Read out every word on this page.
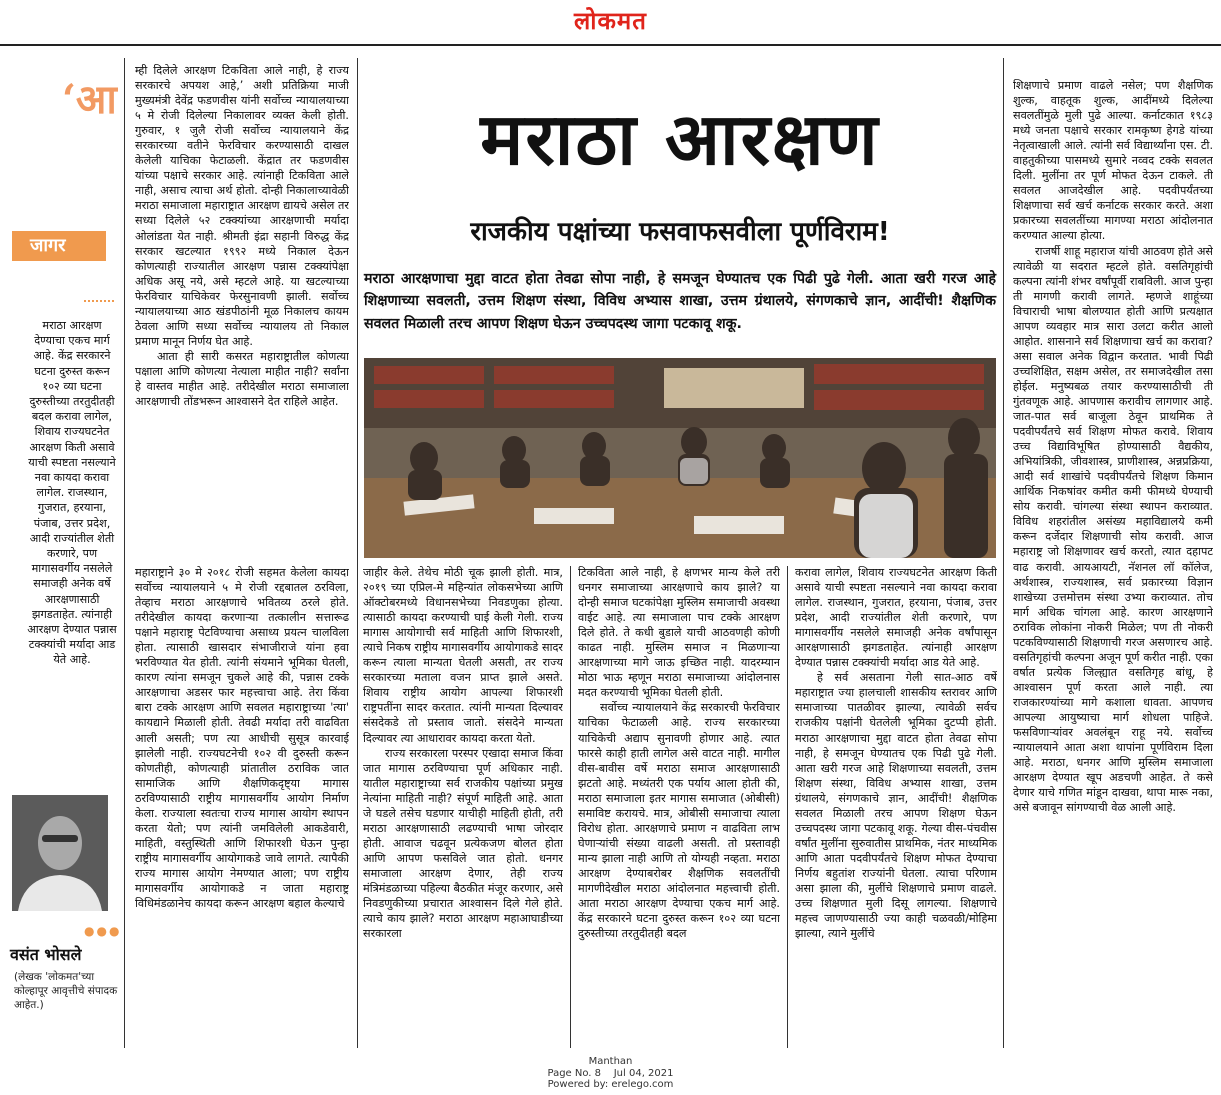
लोकमत
‘आ
जागर

मराठा आरक्षण देण्याचा एकच मार्ग आहे. केंद्र सरकारने घटना दुरुस्त करून १०२ व्या घटना दुरुस्तीच्या तरतुदीतही बदल करावा लागेल, शिवाय राज्यघटनेत आरक्षण किती असावे याची स्पष्टता नसल्याने नवा कायदा करावा लागेल. राजस्थान, गुजरात, हरयाना, पंजाब, उत्तर प्रदेश, आदी राज्यांतील शेती करणारे, पण मागासवर्गीय नसलेले समाजही अनेक वर्षे आरक्षणासाठी झगडताहेत. त्यांनाही आरक्षण देण्यात पन्नास टक्क्यांची मर्यादा आड येते आहे.

●●●
वसंत भोसले
(लेखक 'लोकमत'च्या कोल्हापूर आवृत्तीचे संपादक आहेत.)

म्ही दिलेले आरक्षण टिकविता आले नाही, हे राज्य सरकारचे अपयश आहे,’ अशी प्रतिक्रिया माजी मुख्यमंत्री देवेंद्र फडणवीस यांनी सर्वोच्च न्यायालयाच्या ५ मे रोजी दिलेल्या निकालावर व्यक्त केली होती. गुरुवार, १ जुलै रोजी सर्वोच्च न्यायालयाने केंद्र सरकारच्या वतीने फेरविचार करण्यासाठी दाखल केलेली याचिका फेटाळली. केंद्रात तर फडणवीस यांच्या पक्षाचे सरकार आहे. त्यांनाही टिकविता आले नाही, असाच त्याचा अर्थ होतो. दोन्ही निकालाच्यावेळी मराठा समाजाला महाराष्ट्रात आरक्षण द्यायचे असेल तर सध्या दिलेले ५२ टक्क्यांच्या आरक्षणाची मर्यादा ओलांडता येत नाही. श्रीमती इंद्रा सहानी विरुद्ध केंद्र सरकार खटल्यात १९९२ मध्ये निकाल देऊन कोणत्याही राज्यातील आरक्षण पन्नास टक्क्यांपेक्षा अधिक असू नये, असे म्हटले आहे. या खटल्याच्या फेरविचार याचिकेवर फेरसुनावणी झाली. सर्वोच्च न्यायालयाच्या आठ खंडपीठांनी मूळ निकालच कायम ठेवला आणि सध्या सर्वोच्च न्यायालय तो निकाल प्रमाण मानून निर्णय घेत आहे.

आता ही सारी कसरत महाराष्ट्रातील कोणत्या पक्षाला आणि कोणत्या नेत्याला माहीत नाही? सर्वांना हे वास्तव माहीत आहे. तरीदेखील मराठा समाजाला आरक्षणाची तोंडभरून आश्वासने देत राहिले आहेत.

महाराष्ट्राने ३० मे २०१८ रोजी सहमत केलेला कायदा सर्वोच्च न्यायालयाने ५ मे रोजी रद्दबातल ठरविला, तेव्हाच मराठा आरक्षणाचे भवितव्य ठरले होते. तरीदेखील कायदा करणाऱ्या तत्कालीन सत्तारूढ पक्षाने महाराष्ट्र पेटविण्याचा असाध्य प्रयत्न चालविला होता. त्यासाठी खासदार संभाजीराजे यांना हवा भरविण्यात येत होती. त्यांनी संयमाने भूमिका घेतली, कारण त्यांना समजून चुकले आहे की, पन्नास टक्के आरक्षणाचा अडसर फार महत्त्वाचा आहे. तेरा किंवा बारा टक्के आरक्षण आणि सवलत महाराष्ट्राच्या 'त्या' कायद्याने मिळाली होती. तेवढी मर्यादा तरी वाढविता आली असती; पण त्या आधीची सुसूत्र कारवाई झालेली नाही. राज्यघटनेची १०२ वी दुरुस्ती करून कोणतीही, कोणत्याही प्रांतातील ठराविक जात सामाजिक आणि शैक्षणिकदृष्ट्या मागास ठरविण्यासाठी राष्ट्रीय मागासवर्गीय आयोग निर्माण केला. राज्याला स्वतःचा राज्य मागास आयोग स्थापन करता येतो; पण त्यांनी जमविलेली आकडेवारी, माहिती, वस्तुस्थिती आणि शिफारशी घेऊन पुन्हा राष्ट्रीय मागासवर्गीय आयोगाकडे जावे लागते. त्यापैकी राज्य मागास आयोग नेमण्यात आला; पण राष्ट्रीय मागासवर्गीय आयोगाकडे न जाता महाराष्ट्र विधिमंडळानेच कायदा करून आरक्षण बहाल केल्याचे

मराठा आरक्षण
राजकीय पक्षांच्या फसवाफसवीला पूर्णविराम!
मराठा आरक्षणाचा मुद्दा वाटत होता तेवढा सोपा नाही, हे समजून घेण्यातच एक पिढी पुढे गेली. आता खरी गरज आहे शिक्षणाच्या सवलती, उत्तम शिक्षण संस्था, विविध अभ्यास शाखा, उत्तम ग्रंथालये, संगणकाचे ज्ञान, आदींची! शैक्षणिक सवलत मिळाली तरच आपण शिक्षण घेऊन उच्चपदस्थ जागा पटकावू शकू.

जाहीर केले. तेथेच मोठी चूक झाली होती. मात्र, २०१९ च्या एप्रिल-मे महिन्यांत लोकसभेच्या आणि ऑक्टोबरमध्ये विधानसभेच्या निवडणुका होत्या. त्यासाठी कायदा करण्याची घाई केली गेली. राज्य मागास आयोगाची सर्व माहिती आणि शिफारशी, त्याचे निकष राष्ट्रीय मागासवर्गीय आयोगाकडे सादर करून त्याला मान्यता घेतली असती, तर राज्य सरकारच्या मताला वजन प्राप्त झाले असते. शिवाय राष्ट्रीय आयोग आपल्या शिफारशी राष्ट्रपतींना सादर करतात. त्यांनी मान्यता दिल्यावर संसदेकडे तो प्रस्ताव जातो. संसदेने मान्यता दिल्यावर त्या आधारावर कायदा करता येतो.

राज्य सरकारला परस्पर एखादा समाज किंवा जात मागास ठरविण्याचा पूर्ण अधिकार नाही. यातील महाराष्ट्राच्या सर्व राजकीय पक्षांच्या प्रमुख नेत्यांना माहिती नाही? संपूर्ण माहिती आहे. आता जे घडले तसेच घडणार याचीही माहिती होती, तरी मराठा आरक्षणासाठी लढण्याची भाषा जोरदार होती. आवाज चढवून प्रत्येकजण बोलत होता आणि आपण फसविले जात होतो. धनगर समाजाला आरक्षण देणार, तेही राज्य मंत्रिमंडळाच्या पहिल्या बैठकीत मंजूर करणार, असे निवडणुकीच्या प्रचारात आश्वासन दिले गेले होते. त्याचे काय झाले? मराठा आरक्षण महाआघाडीच्या सरकारला

टिकविता आले नाही, हे क्षणभर मान्य केले तरी धनगर समाजाच्या आरक्षणाचे काय झाले? या दोन्ही समाज घटकांपेक्षा मुस्लिम समाजाची अवस्था वाईट आहे. त्या समाजाला पाच टक्के आरक्षण दिले होते. ते कधी बुडाले याची आठवणही कोणी काढत नाही. मुस्लिम समाज न मिळणाऱ्या आरक्षणाच्या मागे जाऊ इच्छित नाही. यादरम्यान मोठा भाऊ म्हणून मराठा समाजाच्या आंदोलनास मदत करण्याची भूमिका घेतली होती.

सर्वोच्च न्यायालयाने केंद्र सरकारची फेरविचार याचिका फेटाळली आहे. राज्य सरकारच्या याचिकेची अद्याप सुनावणी होणार आहे. त्यात फारसे काही हाती लागेल असे वाटत नाही. मागील वीस-बावीस वर्षे मराठा समाज आरक्षणासाठी झटतो आहे. मध्यंतरी एक पर्याय आला होती की, मराठा समाजाला इतर मागास समाजात (ओबीसी) समाविष्ट करायचे. मात्र, ओबीसी समाजाचा त्याला विरोध होता. आरक्षणाचे प्रमाण न वाढविता लाभ घेणाऱ्यांची संख्या वाढली असती. तो प्रस्तावही मान्य झाला नाही आणि तो योग्यही नव्हता. मराठा आरक्षण देण्याबरोबर शैक्षणिक सवलतींची मागणीदेखील मराठा आंदोलनात महत्त्वाची होती. आता मराठा आरक्षण देण्याचा एकच मार्ग आहे. केंद्र सरकारने घटना दुरुस्त करून १०२ व्या घटना दुरुस्तीच्या तरतुदीतही बदल

करावा लागेल, शिवाय राज्यघटनेत आरक्षण किती असावे याची स्पष्टता नसल्याने नवा कायदा करावा लागेल. राजस्थान, गुजरात, हरयाना, पंजाब, उत्तर प्रदेश, आदी राज्यांतील शेती करणारे, पण मागासवर्गीय नसलेले समाजही अनेक वर्षांपासून आरक्षणासाठी झगडताहेत. त्यांनाही आरक्षण देण्यात पन्नास टक्क्यांची मर्यादा आड येते आहे.

हे सर्व असताना गेली सात-आठ वर्षे महाराष्ट्रात ज्या हालचाली शासकीय स्तरावर आणि समाजाच्या पातळीवर झाल्या, त्यावेळी सर्वच राजकीय पक्षांनी घेतलेली भूमिका दुटप्पी होती. मराठा आरक्षणाचा मुद्दा वाटत होता तेवढा सोपा नाही, हे समजून घेण्यातच एक पिढी पुढे गेली. आता खरी गरज आहे शिक्षणाच्या सवलती, उत्तम शिक्षण संस्था, विविध अभ्यास शाखा, उत्तम ग्रंथालये, संगणकाचे ज्ञान, आदींची! शैक्षणिक सवलत मिळाली तरच आपण शिक्षण घेऊन उच्चपदस्थ जागा पटकावू शकू. गेल्या वीस-पंचवीस वर्षांत मुलींना सुरुवातीस प्राथमिक, नंतर माध्यमिक आणि आता पदवीपर्यंतचे शिक्षण मोफत देण्याचा निर्णय बहुतांश राज्यांनी घेतला. त्याचा परिणाम असा झाला की, मुलींचे शिक्षणाचे प्रमाण वाढले. उच्च शिक्षणात मुली दिसू लागल्या. शिक्षणाचे महत्त्व जाणण्यासाठी ज्या काही चळवळी/मोहिमा झाल्या, त्याने मुलींचे

शिक्षणाचे प्रमाण वाढले नसेल; पण शैक्षणिक शुल्क, वाहतूक शुल्क, आदींमध्ये दिलेल्या सवलतींमुळे मुली पुढे आल्या. कर्नाटकात १९८३ मध्ये जनता पक्षाचे सरकार रामकृष्ण हेगडे यांच्या नेतृत्वाखाली आले. त्यांनी सर्व विद्यार्थ्यांना एस. टी. वाहतुकीच्या पासमध्ये सुमारे नव्वद टक्के सवलत दिली. मुलींना तर पूर्ण मोफत देऊन टाकले. ती सवलत आजदेखील आहे. पदवीपर्यंतच्या शिक्षणाचा सर्व खर्च कर्नाटक सरकार करते. अशा प्रकारच्या सवलतींच्या मागण्या मराठा आंदोलनात करण्यात आल्या होत्या.

राजर्षी शाहू महाराज यांची आठवण होते असे त्यावेळी या सदरात म्हटले होते. वसतिगृहांची कल्पना त्यांनी शंभर वर्षांपूर्वी राबविली. आज पुन्हा ती मागणी करावी लागते. म्हणजे शाहूंच्या विचाराची भाषा बोलण्यात होती आणि प्रत्यक्षात आपण व्यवहार मात्र सारा उलटा करीत आलो आहोत. शासनाने सर्व शिक्षणाचा खर्च का करावा? असा सवाल अनेक विद्वान करतात. भावी पिढी उच्चशिक्षित, सक्षम असेल, तर समाजदेखील तसा होईल. मनुष्यबळ तयार करण्यासाठीची ती गुंतवणूक आहे. आपणास करावीच लागणार आहे. जात-पात सर्व बाजूला ठेवून प्राथमिक ते पदवीपर्यंतचे सर्व शिक्षण मोफत करावे. शिवाय उच्च विद्याविभूषित होण्यासाठी वैद्यकीय, अभियांत्रिकी, जीवशास्त्र, प्राणीशास्त्र, अन्नप्रक्रिया, आदी सर्व शाखांचे पदवीपर्यंतचे शिक्षण किमान आर्थिक निकषांवर कमीत कमी फीमध्ये घेण्याची सोय करावी. चांगल्या संस्था स्थापन कराव्यात. विविध शहरांतील असंख्य महाविद्यालये कमी करून दर्जेदार शिक्षणाची सोय करावी. आज महाराष्ट्र जो शिक्षणावर खर्च करतो, त्यात दहापट वाढ करावी. आयआयटी, नॅशनल लॉ कॉलेज, अर्थशास्त्र, राज्यशास्त्र, सर्व प्रकारच्या विज्ञान शाखेच्या उत्तमोत्तम संस्था उभ्या कराव्यात. तोच मार्ग अधिक चांगला आहे. कारण आरक्षणाने ठराविक लोकांना नोकरी मिळेल; पण ती नोकरी पटकविण्यासाठी शिक्षणाची गरज असणारच आहे. वसतिगृहांची कल्पना अजून पूर्ण करीत नाही. एका वर्षात प्रत्येक जिल्ह्यात वसतिगृह बांधू, हे आश्वासन पूर्ण करता आले नाही. त्या राजकारण्यांच्या मागे कशाला धावता. आपणच आपल्या आयुष्याचा मार्ग शोधला पाहिजे. फसविणाऱ्यांवर अवलंबून राहू नये. सर्वोच्च न्यायालयाने आता अशा थापांना पूर्णविराम दिला आहे. मराठा, धनगर आणि मुस्लिम समाजाला आरक्षण देण्यात खूप अडचणी आहेत. ते कसे देणार याचे गणित मांडून दाखवा, थापा मारू नका, असे बजावून सांगण्याची वेळ आली आहे.

Manthan
Page No. 8    Jul 04, 2021
Powered by: erelego.com
